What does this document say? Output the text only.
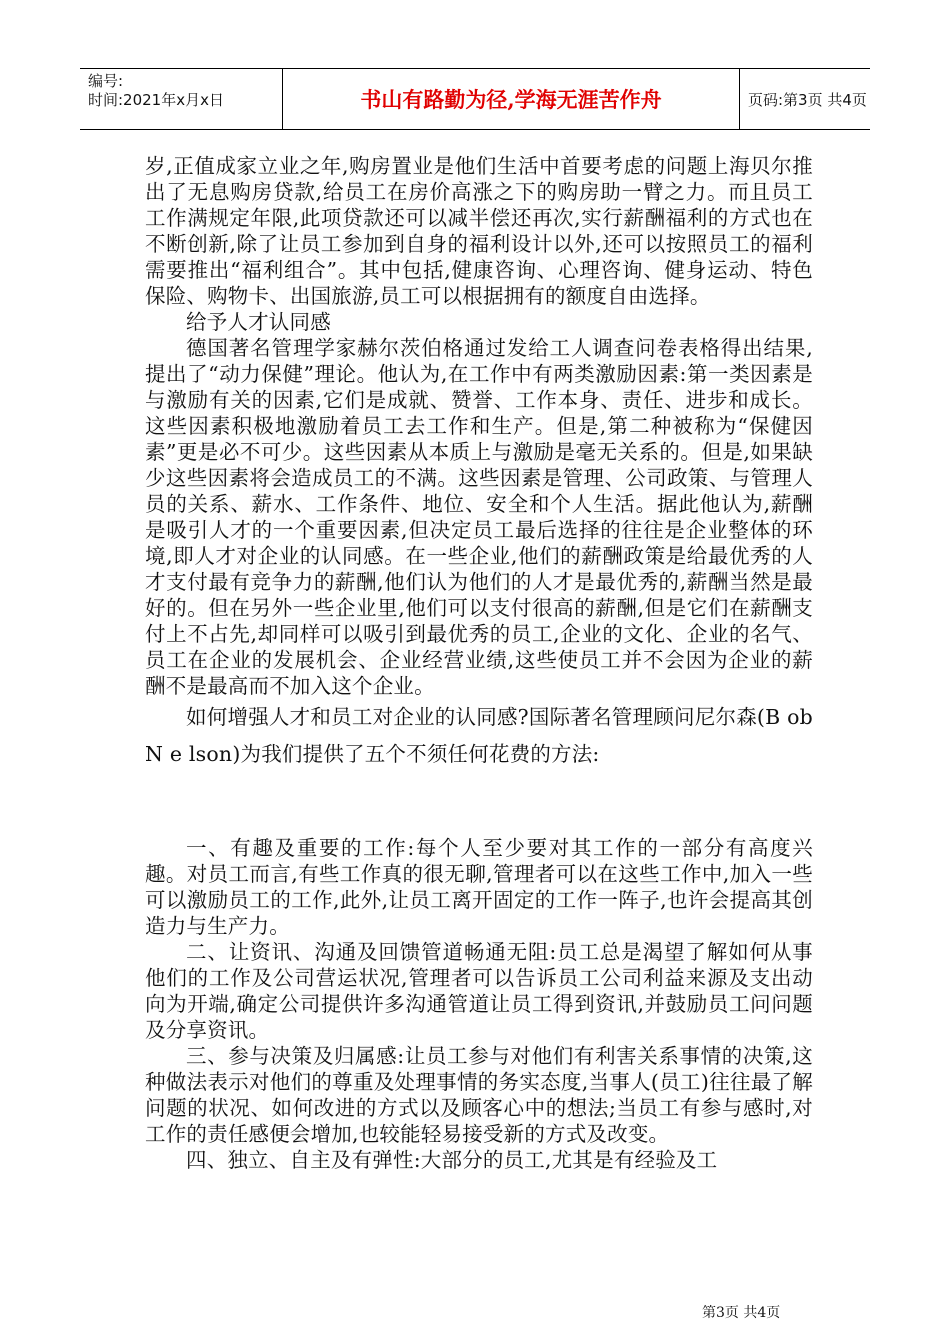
编号:
时间:2021年x月x日	书山有路勤为径,学海无涯苦作舟	页码:第3页 共4页

岁,正值成家立业之年,购房置业是他们生活中首要考虑的问题上海贝尔推出了无息购房贷款,给员工在房价高涨之下的购房助一臂之力。而且员工工作满规定年限,此项贷款还可以减半偿还再次,实行薪酬福利的方式也在不断创新,除了让员工参加到自身的福利设计以外,还可以按照员工的福利需要推出“福利组合”。其中包括,健康咨询、心理咨询、健身运动、特色保险、购物卡、出国旅游,员工可以根据拥有的额度自由选择。

给予人才认同感

德国著名管理学家赫尔茨伯格通过发给工人调查问卷表格得出结果,提出了“动力保健”理论。他认为,在工作中有两类激励因素:第一类因素是与激励有关的因素,它们是成就、赞誉、工作本身、责任、进步和成长。这些因素积极地激励着员工去工作和生产。但是,第二种被称为“保健因素”更是必不可少。这些因素从本质上与激励是毫无关系的。但是,如果缺少这些因素将会造成员工的不满。这些因素是管理、公司政策、与管理人员的关系、薪水、工作条件、地位、安全和个人生活。据此他认为,薪酬是吸引人才的一个重要因素,但决定员工最后选择的往往是企业整体的环境,即人才对企业的认同感。在一些企业,他们的薪酬政策是给最优秀的人才支付最有竞争力的薪酬,他们认为他们的人才是最优秀的,薪酬当然是最好的。但在另外一些企业里,他们可以支付很高的薪酬,但是它们在薪酬支付上不占先,却同样可以吸引到最优秀的员工,企业的文化、企业的名气、员工在企业的发展机会、企业经营业绩,这些使员工并不会因为企业的薪酬不是最高而不加入这个企业。

如何增强人才和员工对企业的认同感?国际著名管理顾问尼尔森(B ob N e lson)为我们提供了五个不须任何花费的方法:

一、有趣及重要的工作:每个人至少要对其工作的一部分有高度兴趣。对员工而言,有些工作真的很无聊,管理者可以在这些工作中,加入一些可以激励员工的工作,此外,让员工离开固定的工作一阵子,也许会提高其创造力与生产力。

二、让资讯、沟通及回馈管道畅通无阻:员工总是渴望了解如何从事他们的工作及公司营运状况,管理者可以告诉员工公司利益来源及支出动向为开端,确定公司提供许多沟通管道让员工得到资讯,并鼓励员工问问题及分享资讯。

三、参与决策及归属感:让员工参与对他们有利害关系事情的决策,这种做法表示对他们的尊重及处理事情的务实态度,当事人(员工)往往最了解问题的状况、如何改进的方式以及顾客心中的想法;当员工有参与感时,对工作的责任感便会增加,也较能轻易接受新的方式及改变。

四、独立、自主及有弹性:大部分的员工,尤其是有经验及工

第3页 共4页
